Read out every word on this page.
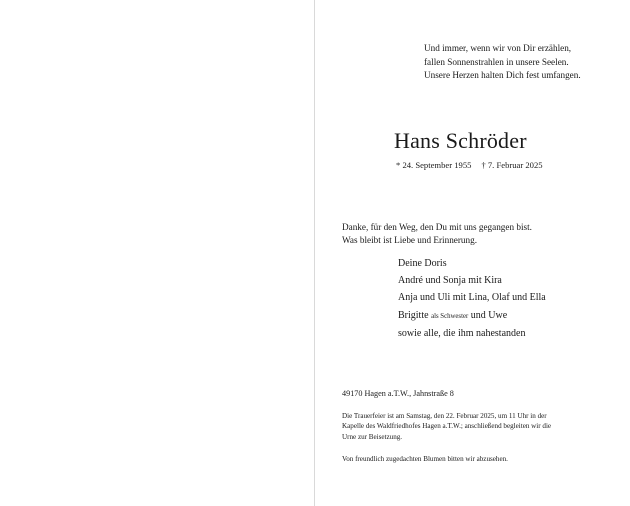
Und immer, wenn wir von Dir erzählen,
fallen Sonnenstrahlen in unsere Seelen.
Unsere Herzen halten Dich fest umfangen.
Hans Schröder
* 24. September 1955 † 7. Februar 2025
Danke, für den Weg, den Du mit uns gegangen bist.
Was bleibt ist Liebe und Erinnerung.
Deine Doris
André und Sonja mit Kira
Anja und Uli mit Lina, Olaf und Ella
Brigitte als Schwester und Uwe
sowie alle, die ihm nahestanden
49170 Hagen a.T.W., Jahnstraße 8
Die Trauerfeier ist am Samstag, den 22. Februar 2025, um 11 Uhr in der
Kapelle des Waldfriedhofes Hagen a.T.W.; anschließend begleiten wir die
Urne zur Beisetzung.
Von freundlich zugedachten Blumen bitten wir abzusehen.
